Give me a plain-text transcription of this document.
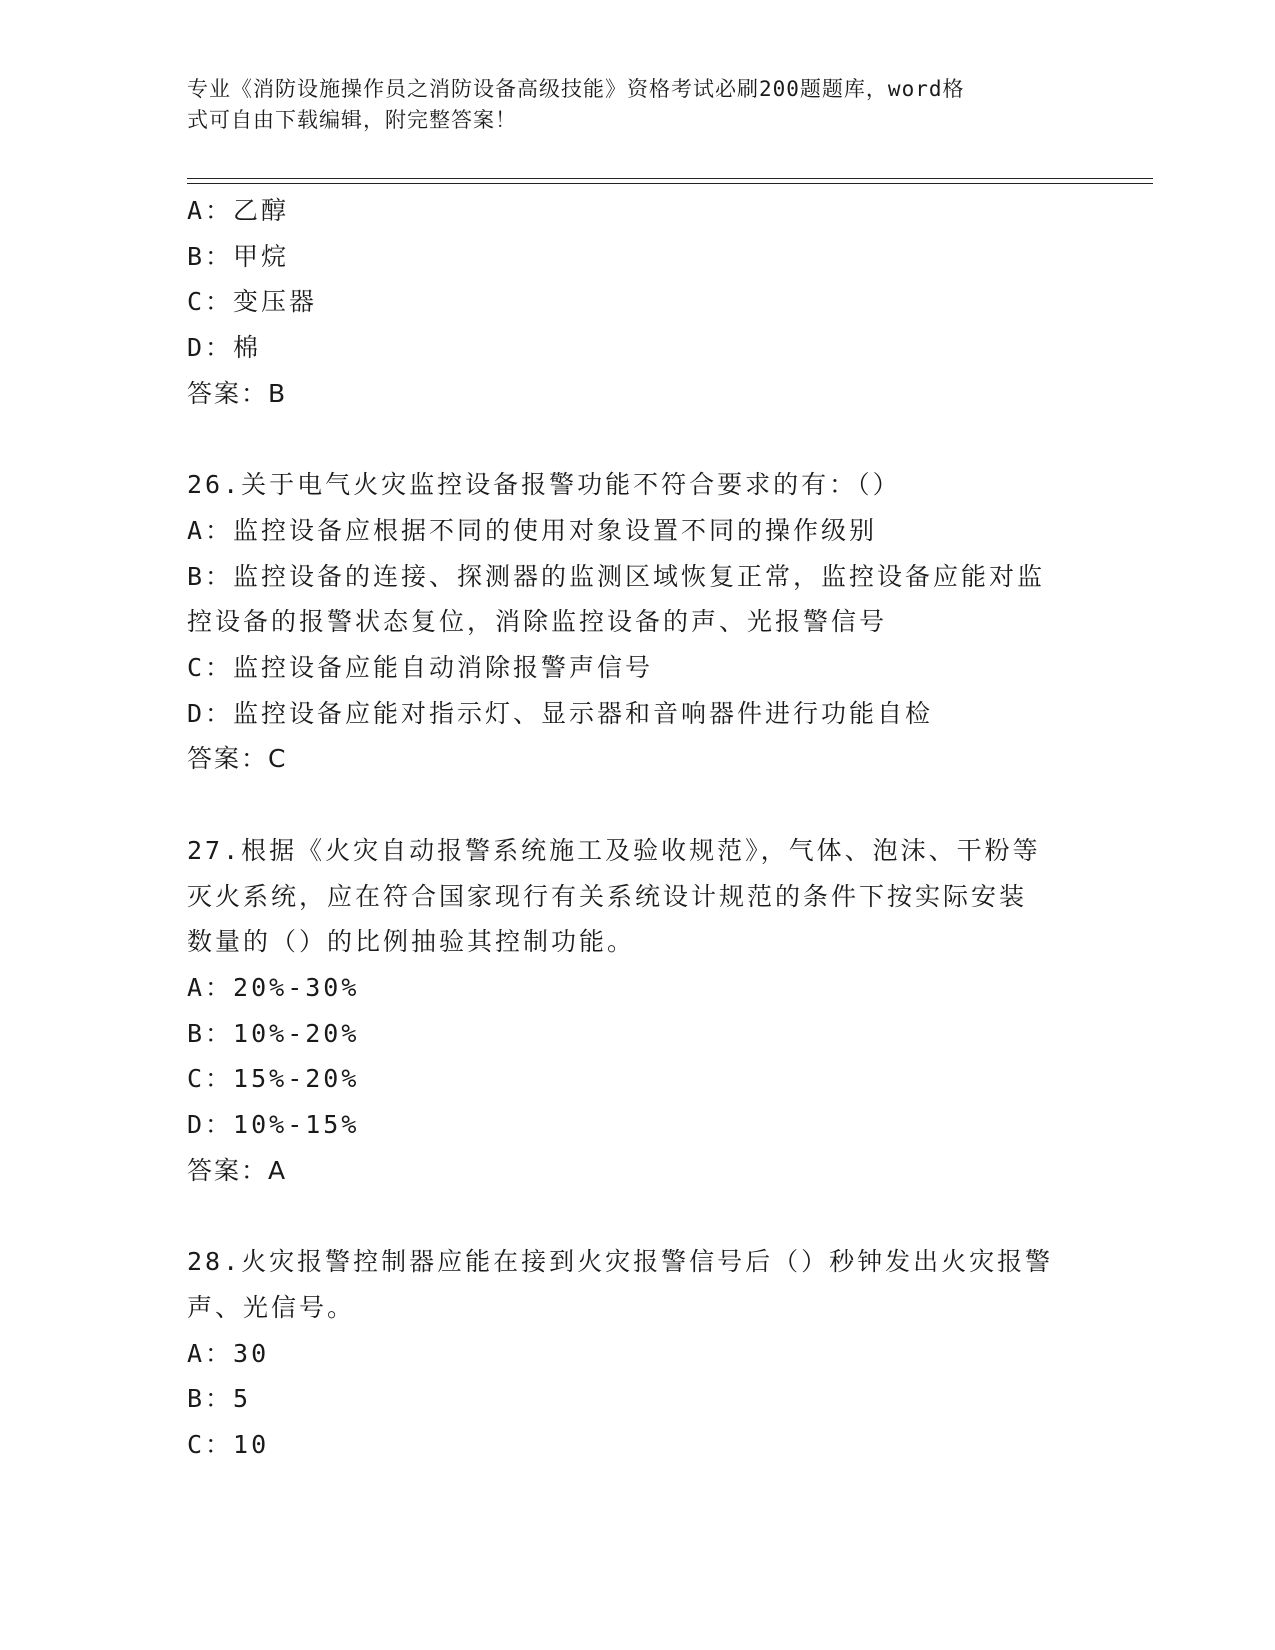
专业《消防设施操作员之消防设备高级技能》资格考试必刷200题题库，word格
式可自由下载编辑，附完整答案！

A：乙醇

B：甲烷

C：变压器

D：棉

答案：B

26.关于电气火灾监控设备报警功能不符合要求的有：（）

A：监控设备应根据不同的使用对象设置不同的操作级别

B：监控设备的连接、探测器的监测区域恢复正常，监控设备应能对监

控设备的报警状态复位，消除监控设备的声、光报警信号

C：监控设备应能自动消除报警声信号

D：监控设备应能对指示灯、显示器和音响器件进行功能自检

答案：C

27.根据《火灾自动报警系统施工及验收规范》，气体、泡沫、干粉等

灭火系统，应在符合国家现行有关系统设计规范的条件下按实际安装

数量的（）的比例抽验其控制功能。

A：20%-30%

B：10%-20%

C：15%-20%

D：10%-15%

答案：A

28.火灾报警控制器应能在接到火灾报警信号后（）秒钟发出火灾报警

声、光信号。

A：30

B：5

C：10
